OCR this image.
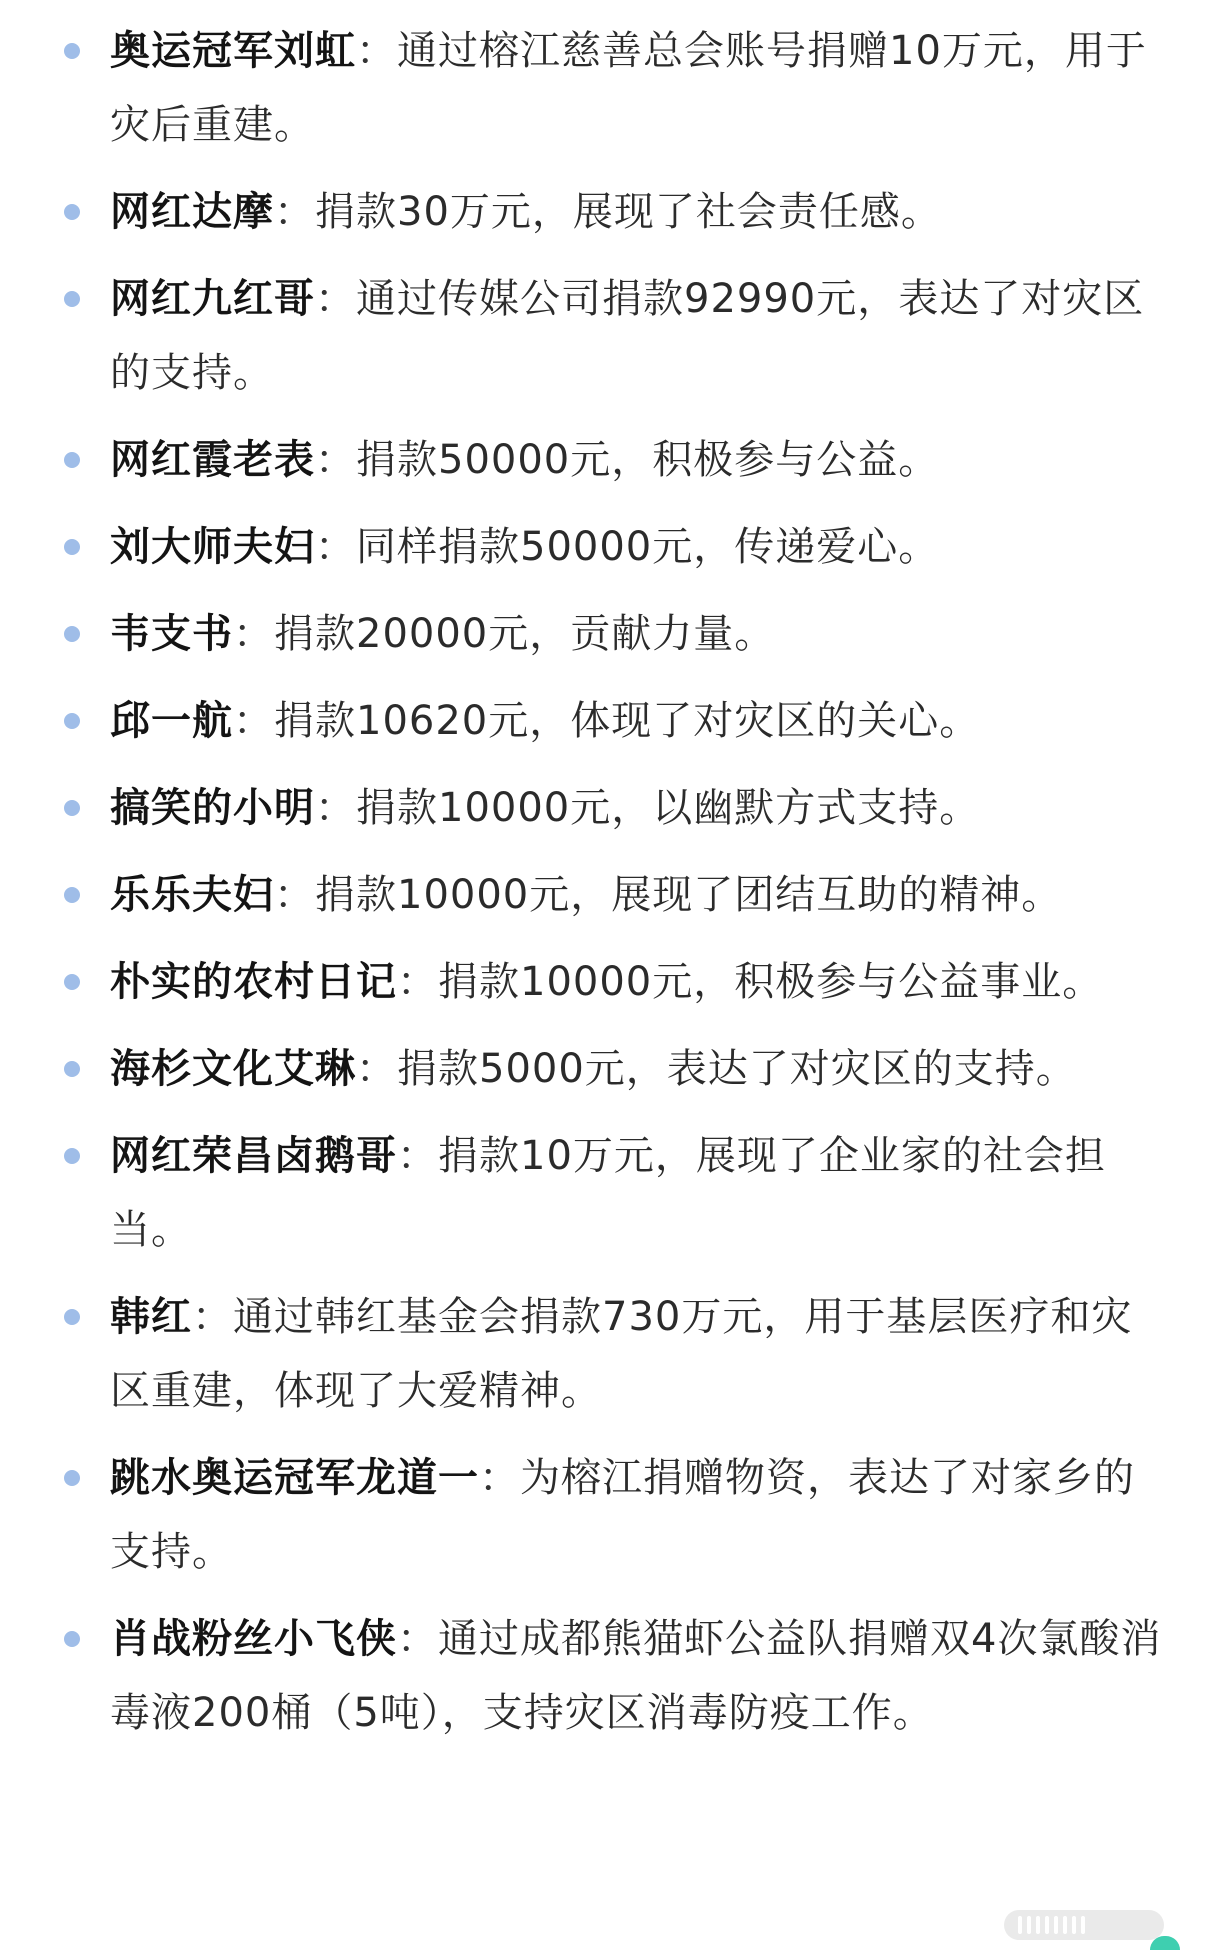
奥运冠军刘虹：通过榕江慈善总会账号捐赠10万元，用于灾后重建。
网红达摩：捐款30万元，展现了社会责任感。
网红九红哥：通过传媒公司捐款92990元，表达了对灾区的支持。
网红霞老表：捐款50000元，积极参与公益。
刘大师夫妇：同样捐款50000元，传递爱心。
韦支书：捐款20000元，贡献力量。
邱一航：捐款10620元，体现了对灾区的关心。
搞笑的小明：捐款10000元，以幽默方式支持。
乐乐夫妇：捐款10000元，展现了团结互助的精神。
朴实的农村日记：捐款10000元，积极参与公益事业。
海杉文化艾琳：捐款5000元，表达了对灾区的支持。
网红荣昌卤鹅哥：捐款10万元，展现了企业家的社会担当。
韩红：通过韩红基金会捐款730万元，用于基层医疗和灾区重建，体现了大爱精神。
跳水奥运冠军龙道一：为榕江捐赠物资，表达了对家乡的支持。
肖战粉丝小飞侠：通过成都熊猫虾公益队捐赠双4次氯酸消毒液200桶（5吨），支持灾区消毒防疫工作。
